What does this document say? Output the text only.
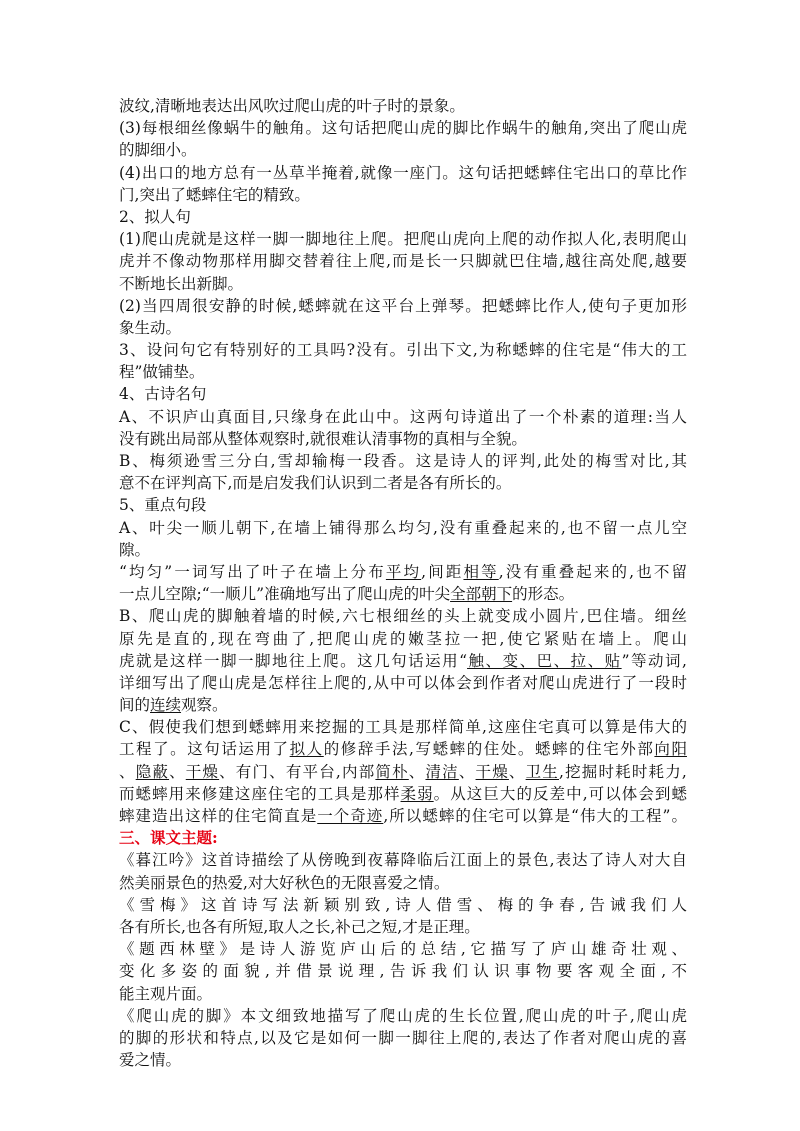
波纹,清晰地表达出风吹过爬山虎的叶子时的景象。
(3)每根细丝像蜗牛的触角。这句话把爬山虎的脚比作蜗牛的触角,突出了爬山虎
的脚细小。
(4)出口的地方总有一丛草半掩着,就像一座门。这句话把蟋蟀住宅出口的草比作
门,突出了蟋蟀住宅的精致。
2、拟人句
(1)爬山虎就是这样一脚一脚地往上爬。把爬山虎向上爬的动作拟人化,表明爬山
虎并不像动物那样用脚交替着往上爬,而是长一只脚就巴住墙,越往高处爬,越要
不断地长出新脚。
(2)当四周很安静的时候,蟋蟀就在这平台上弹琴。把蟋蟀比作人,使句子更加形
象生动。
3、设问句它有特别好的工具吗?没有。引出下文,为称蟋蟀的住宅是“伟大的工
程”做铺垫。
4、古诗名句
A、不识庐山真面目,只缘身在此山中。这两句诗道出了一个朴素的道理:当人
没有跳出局部从整体观察时,就很难认清事物的真相与全貌。
B、梅须逊雪三分白,雪却输梅一段香。这是诗人的评判,此处的梅雪对比,其
意不在评判高下,而是启发我们认识到二者是各有所长的。
5、重点句段
A、叶尖一顺儿朝下,在墙上铺得那么均匀,没有重叠起来的,也不留一点儿空
隙。
“均匀”一词写出了叶子在墙上分布平均,间距相等,没有重叠起来的,也不留
一点儿空隙;“一顺儿”准确地写出了爬山虎的叶尖全部朝下的形态。
B、爬山虎的脚触着墙的时候,六七根细丝的头上就变成小圆片,巴住墙。细丝
原先是直的,现在弯曲了,把爬山虎的嫩茎拉一把,使它紧贴在墙上。爬山
虎就是这样一脚一脚地往上爬。这几句话运用“触、变、巴、拉、贴”等动词,
详细写出了爬山虎是怎样往上爬的,从中可以体会到作者对爬山虎进行了一段时
间的连续观察。
C、假使我们想到蟋蟀用来挖掘的工具是那样简单,这座住宅真可以算是伟大的
工程了。这句话运用了拟人的修辞手法,写蟋蟀的住处。蟋蟀的住宅外部向阳
、隐蔽、干燥、有门、有平台,内部简朴、清洁、干燥、卫生,挖掘时耗时耗力,
而蟋蟀用来修建这座住宅的工具是那样柔弱。从这巨大的反差中,可以体会到蟋
蟀建造出这样的住宅简直是一个奇迹,所以蟋蟀的住宅可以算是“伟大的工程”。
三、课文主题:
《暮江吟》这首诗描绘了从傍晚到夜幕降临后江面上的景色,表达了诗人对大自
然美丽景色的热爱,对大好秋色的无限喜爱之情。
《雪梅》这首诗写法新颖别致,诗人借雪、梅的争春,告诫我们人
各有所长,也各有所短,取人之长,补己之短,才是正理。
《题西林壁》是诗人游览庐山后的总结,它描写了庐山雄奇壮观、
变化多姿的面貌,并借景说理,告诉我们认识事物要客观全面,不
能主观片面。
《爬山虎的脚》本文细致地描写了爬山虎的生长位置,爬山虎的叶子,爬山虎
的脚的形状和特点,以及它是如何一脚一脚往上爬的,表达了作者对爬山虎的喜
爱之情。
